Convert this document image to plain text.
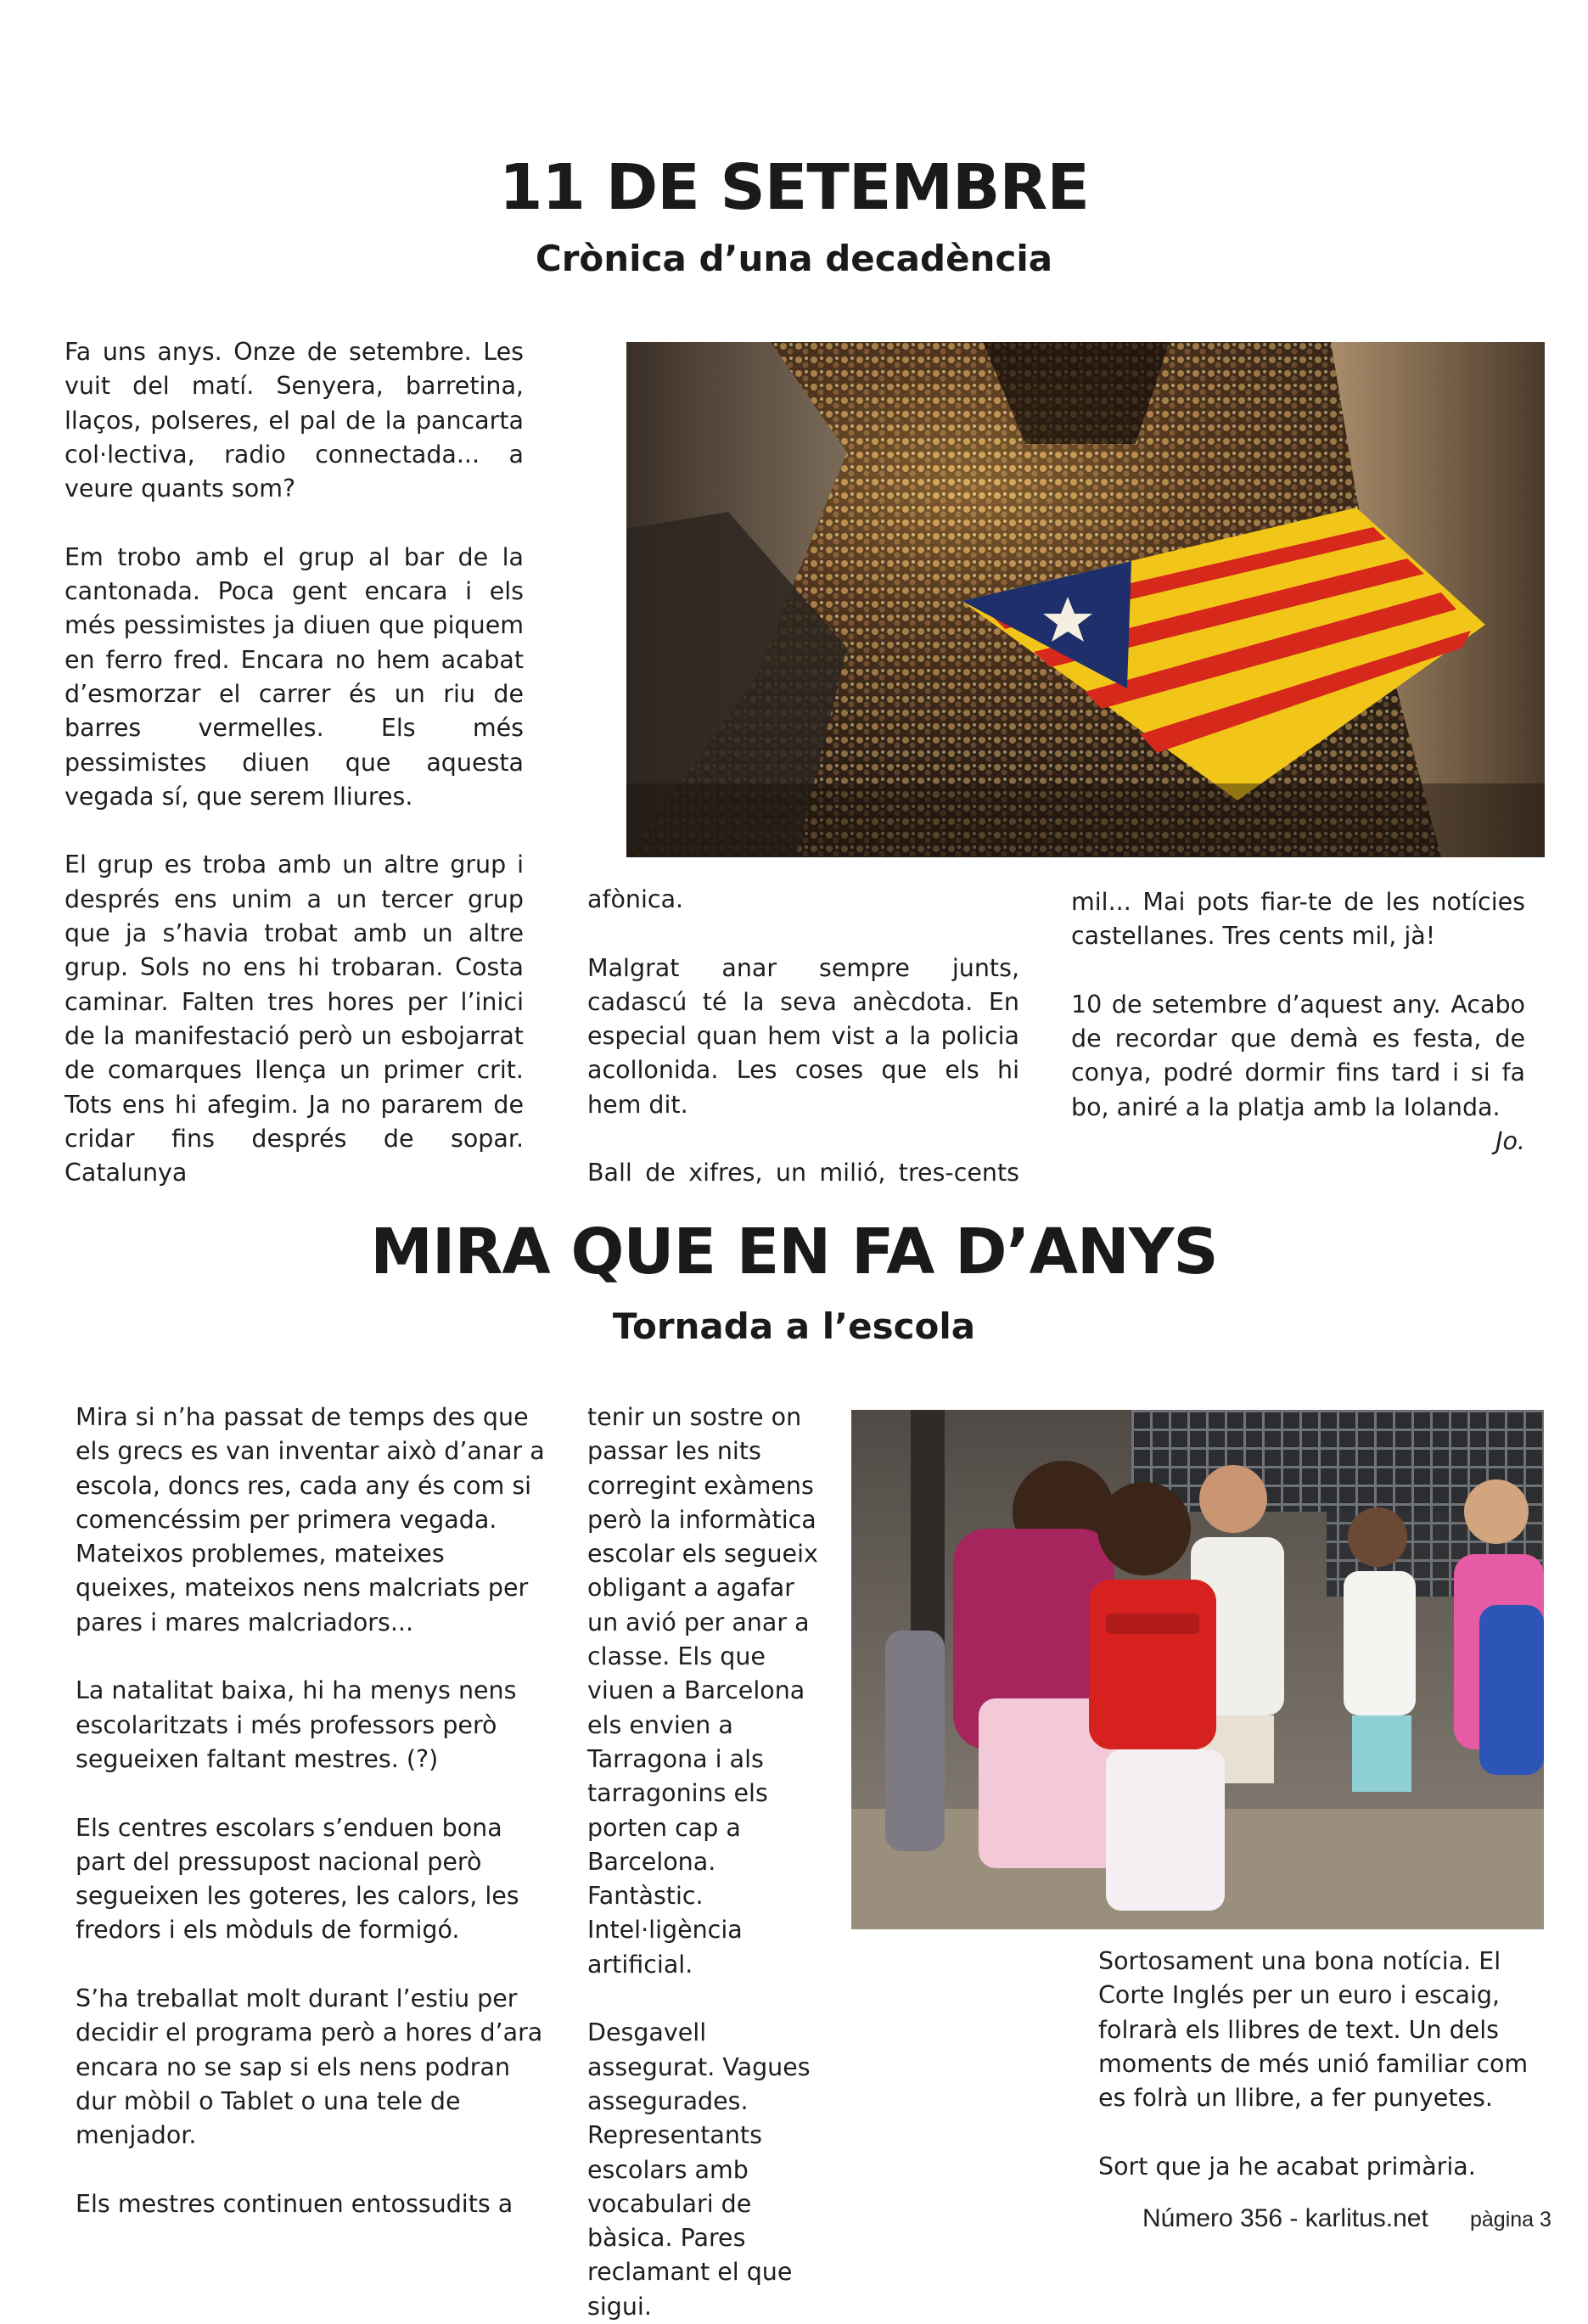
11 DE SETEMBRE
Crònica d’una decadència

Fa uns anys. Onze de setembre. Les vuit del matí. Senyera, barretina, llaços, polseres, el pal de la pancarta col·lectiva, radio connectada... a veure quants som?

Em trobo amb el grup al bar de la cantonada. Poca gent encara i els més pessimistes ja diuen que piquem en ferro fred. Encara no hem acabat d’esmorzar el carrer és un riu de barres vermelles. Els més pessimistes diuen que aquesta vegada sí, que serem lliures.

El grup es troba amb un altre grup i després ens unim a un tercer grup que ja s’havia trobat amb un altre grup. Sols no ens hi trobaran. Costa caminar. Falten tres hores per l’inici de la manifestació però un esbojarrat de comarques llença un primer crit. Tots ens hi afegim. Ja no pararem de cridar fins després de sopar. Catalunya

afònica.

Malgrat anar sempre junts, cadascú té la seva anècdota. En especial quan hem vist a la policia acollonida. Les coses que els hi hem dit.

Ball de xifres, un milió, tres-cents

mil... Mai pots fiar-te de les notícies castellanes. Tres cents mil, jà!

10 de setembre d’aquest any. Acabo de recordar que demà es festa, de conya, podré dormir fins tard i si fa bo, aniré a la platja amb la Iolanda.

Jo.
MIRA QUE EN FA D’ANYS
Tornada a l’escola

Mira si n’ha passat de temps des que els grecs es van inventar això d’anar a escola, doncs res, cada any és com si comencéssim per primera vegada. Mateixos problemes, mateixes queixes, mateixos nens malcriats per pares i mares malcriadors...

La natalitat baixa, hi ha menys nens escolaritzats i més professors però segueixen faltant mestres. (?)

Els centres escolars s’enduen bona part del pressupost nacional però segueixen les goteres, les calors, les fredors i els mòduls de formigó.

S’ha treballat molt durant l’estiu per decidir el programa però a hores d’ara encara no se sap si els nens podran dur mòbil o Tablet o una tele de menjador.

Els mestres continuen entossudits a

tenir un sostre on passar les nits corregint exàmens però la informàtica escolar els segueix obligant a agafar un avió per anar a classe. Els que viuen a Barcelona els envien a Tarragona i als tarragonins els porten cap a Barcelona. Fantàstic. Intel·ligència artificial.

Desgavell assegurat. Vagues assegurades. Representants escolars amb vocabulari de bàsica. Pares reclamant el que sigui.

Sortosament una bona notícia. El Corte Inglés per un euro i escaig, folrarà els llibres de text. Un dels moments de més unió familiar com es folrà un llibre, a fer punyetes.

Sort que ja he acabat primària.

Número 356 - karlitus.net pàgina 3
